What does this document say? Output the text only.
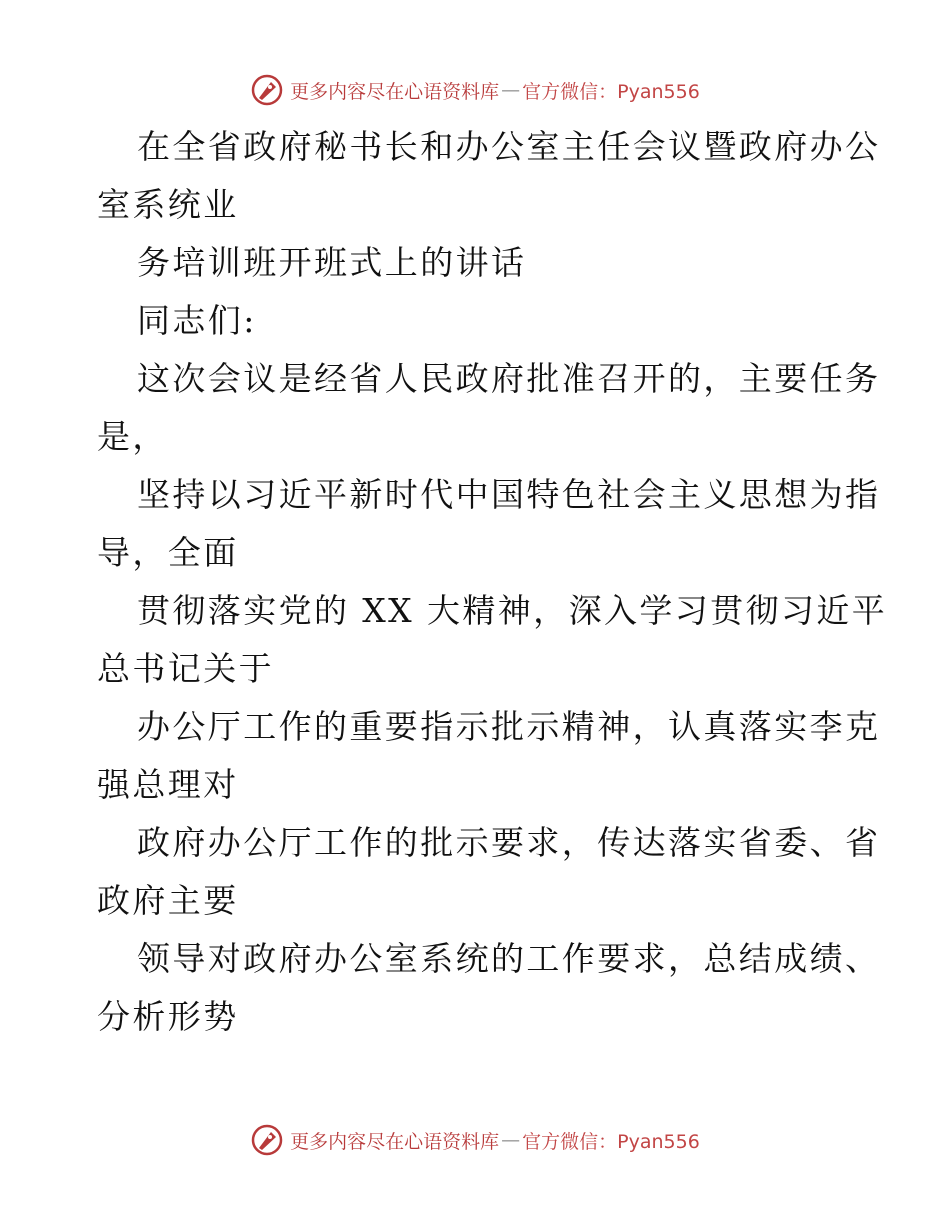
更多内容尽在心语资料库 — 官方微信：Pyan556
在全省政府秘书长和办公室主任会议暨政府办公
室系统业
务培训班开班式上的讲话
同志们:
这次会议是经省人民政府批准召开的，主要任务
是，
坚持以习近平新时代中国特色社会主义思想为指
导，全面
贯彻落实党的 XX 大精神，深入学习贯彻习近平
总书记关于
办公厅工作的重要指示批示精神，认真落实李克
强总理对
政府办公厅工作的批示要求，传达落实省委、省
政府主要
领导对政府办公室系统的工作要求，总结成绩、
分析形势
更多内容尽在心语资料库 — 官方微信：Pyan556
